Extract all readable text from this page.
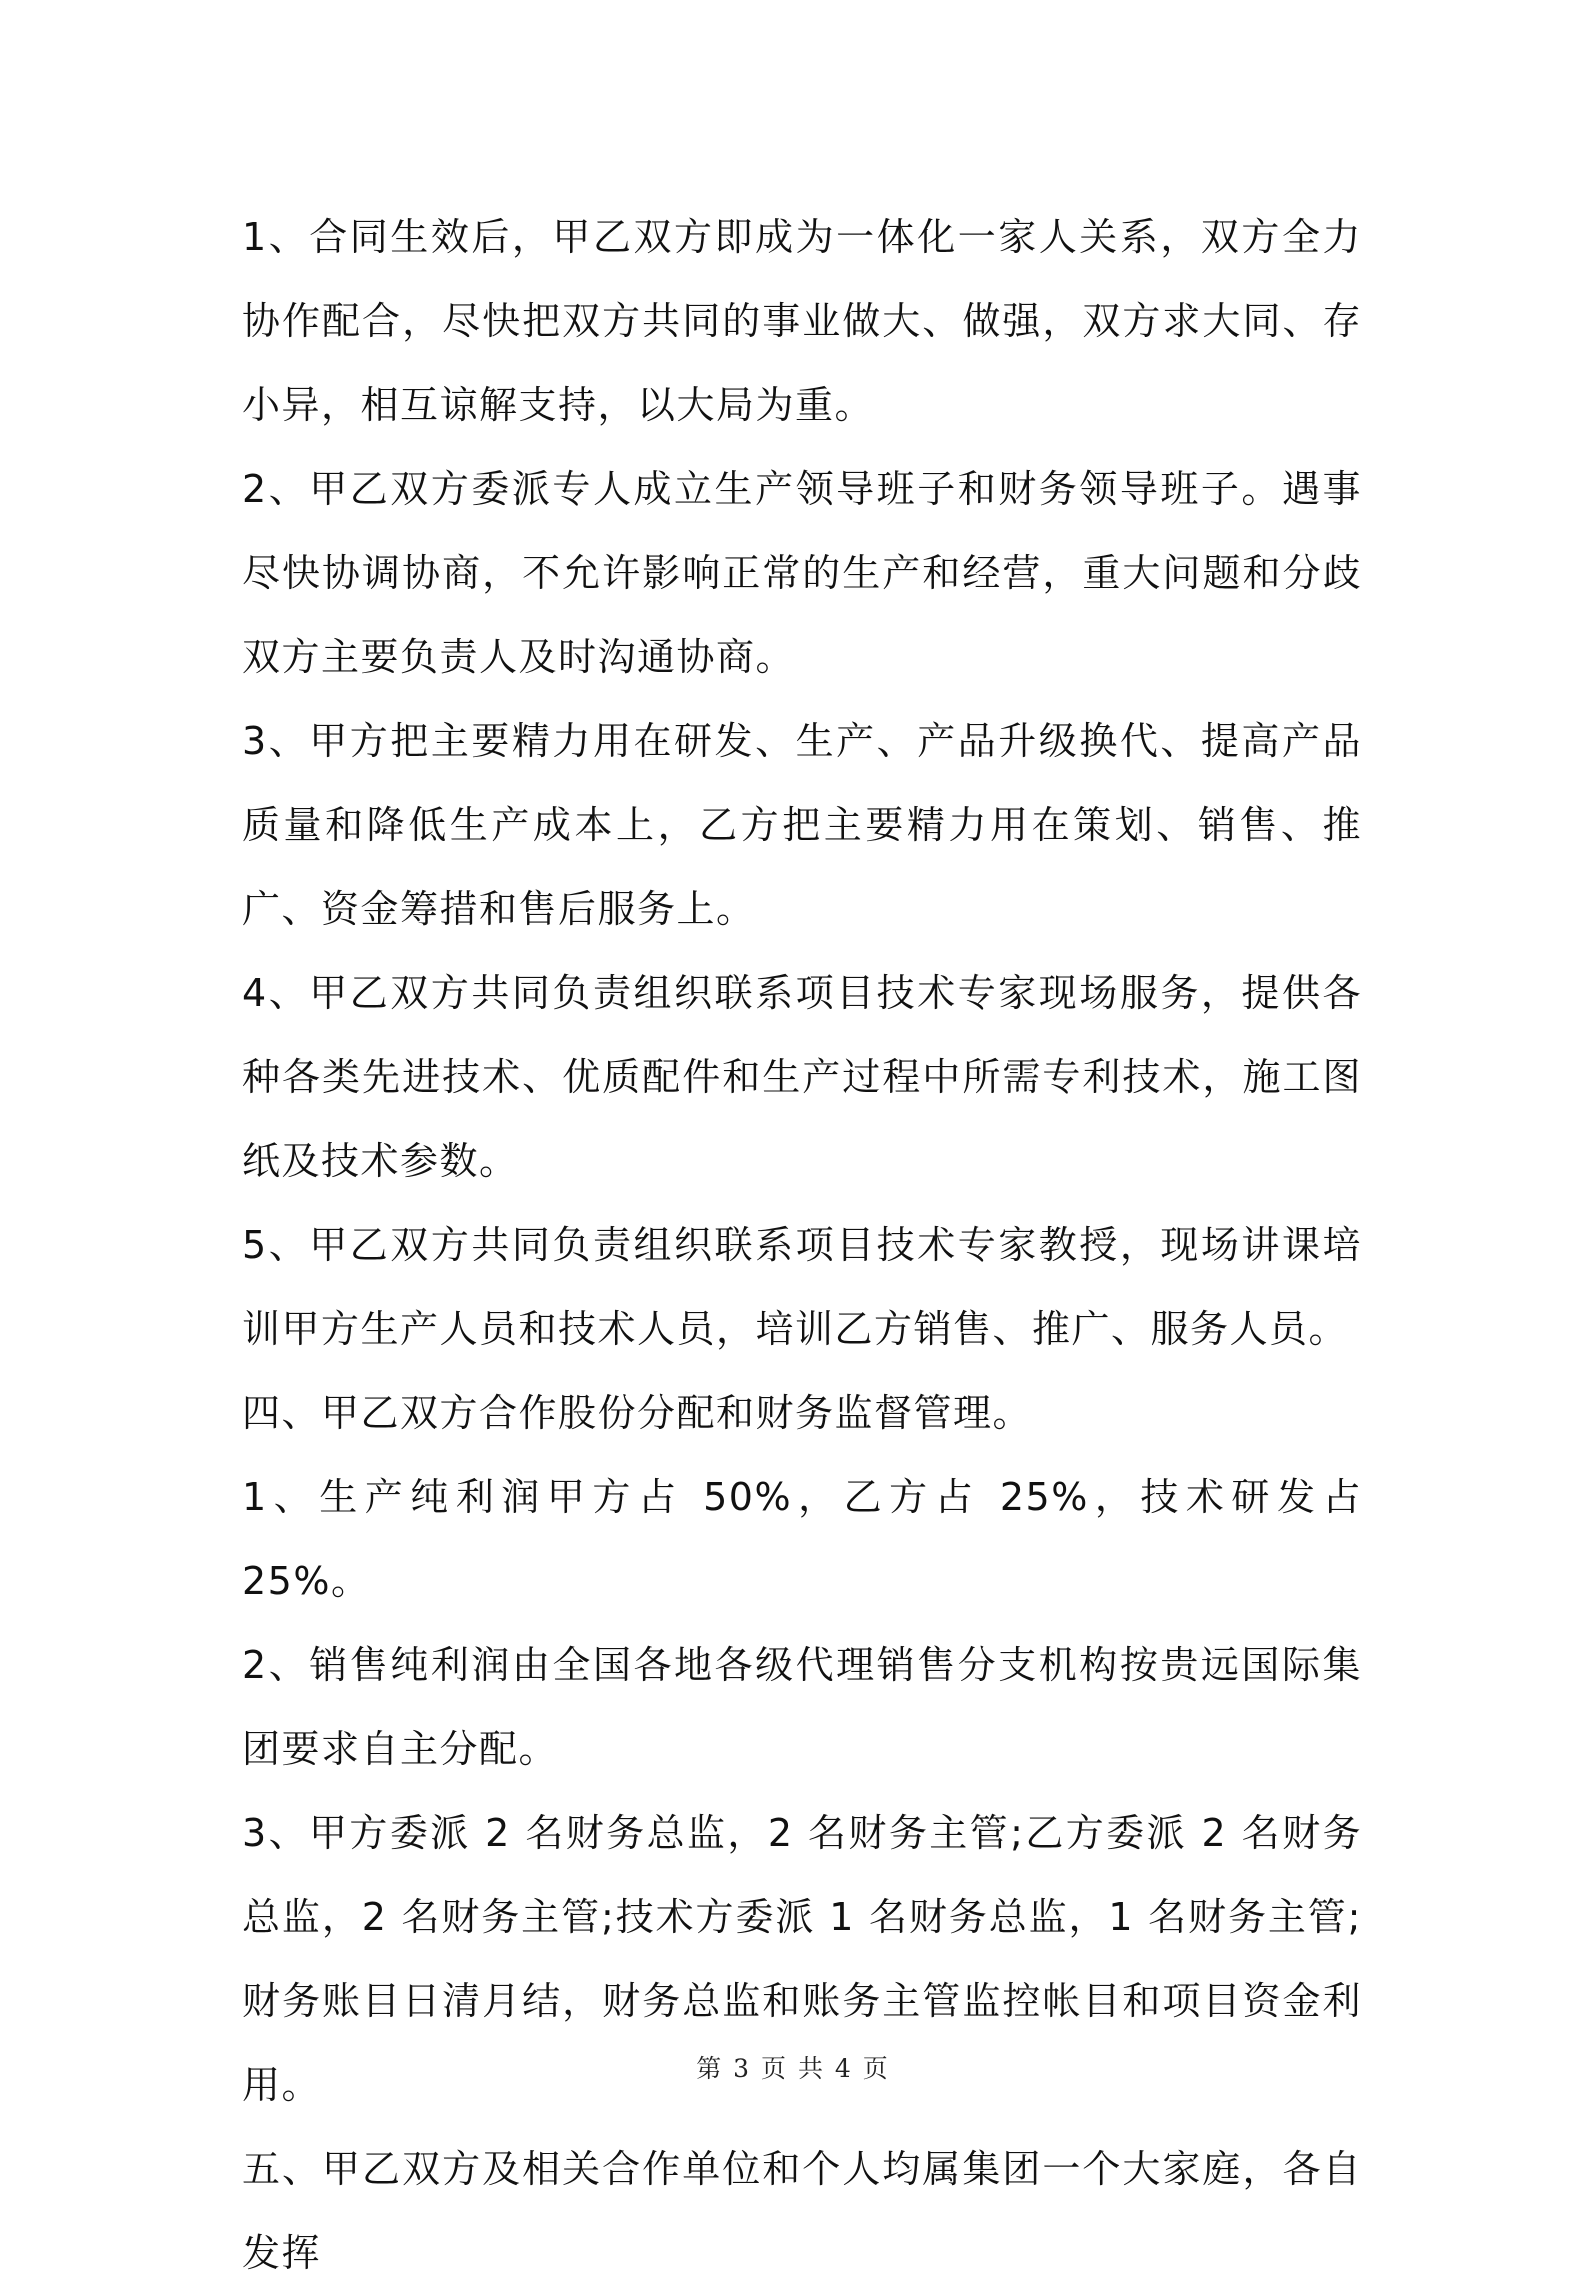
1、合同生效后，甲乙双方即成为一体化一家人关系，双方全力协作配合，尽快把双方共同的事业做大、做强，双方求大同、存小异，相互谅解支持，以大局为重。

2、甲乙双方委派专人成立生产领导班子和财务领导班子。遇事尽快协调协商，不允许影响正常的生产和经营，重大问题和分歧双方主要负责人及时沟通协商。

3、甲方把主要精力用在研发、生产、产品升级换代、提高产品质量和降低生产成本上，乙方把主要精力用在策划、销售、推广、资金筹措和售后服务上。

4、甲乙双方共同负责组织联系项目技术专家现场服务，提供各种各类先进技术、优质配件和生产过程中所需专利技术，施工图纸及技术参数。

5、甲乙双方共同负责组织联系项目技术专家教授，现场讲课培训甲方生产人员和技术人员，培训乙方销售、推广、服务人员。

四、甲乙双方合作股份分配和财务监督管理。

1、生产纯利润甲方占 50%，乙方占 25%，技术研发占 25%。

2、销售纯利润由全国各地各级代理销售分支机构按贵远国际集团要求自主分配。

3、甲方委派 2 名财务总监，2 名财务主管;乙方委派 2 名财务总监，2 名财务主管;技术方委派 1 名财务总监，1 名财务主管;财务账目日清月结，财务总监和账务主管监控帐目和项目资金利用。

五、甲乙双方及相关合作单位和个人均属集团一个大家庭，各自发挥

第 3 页 共 4 页
